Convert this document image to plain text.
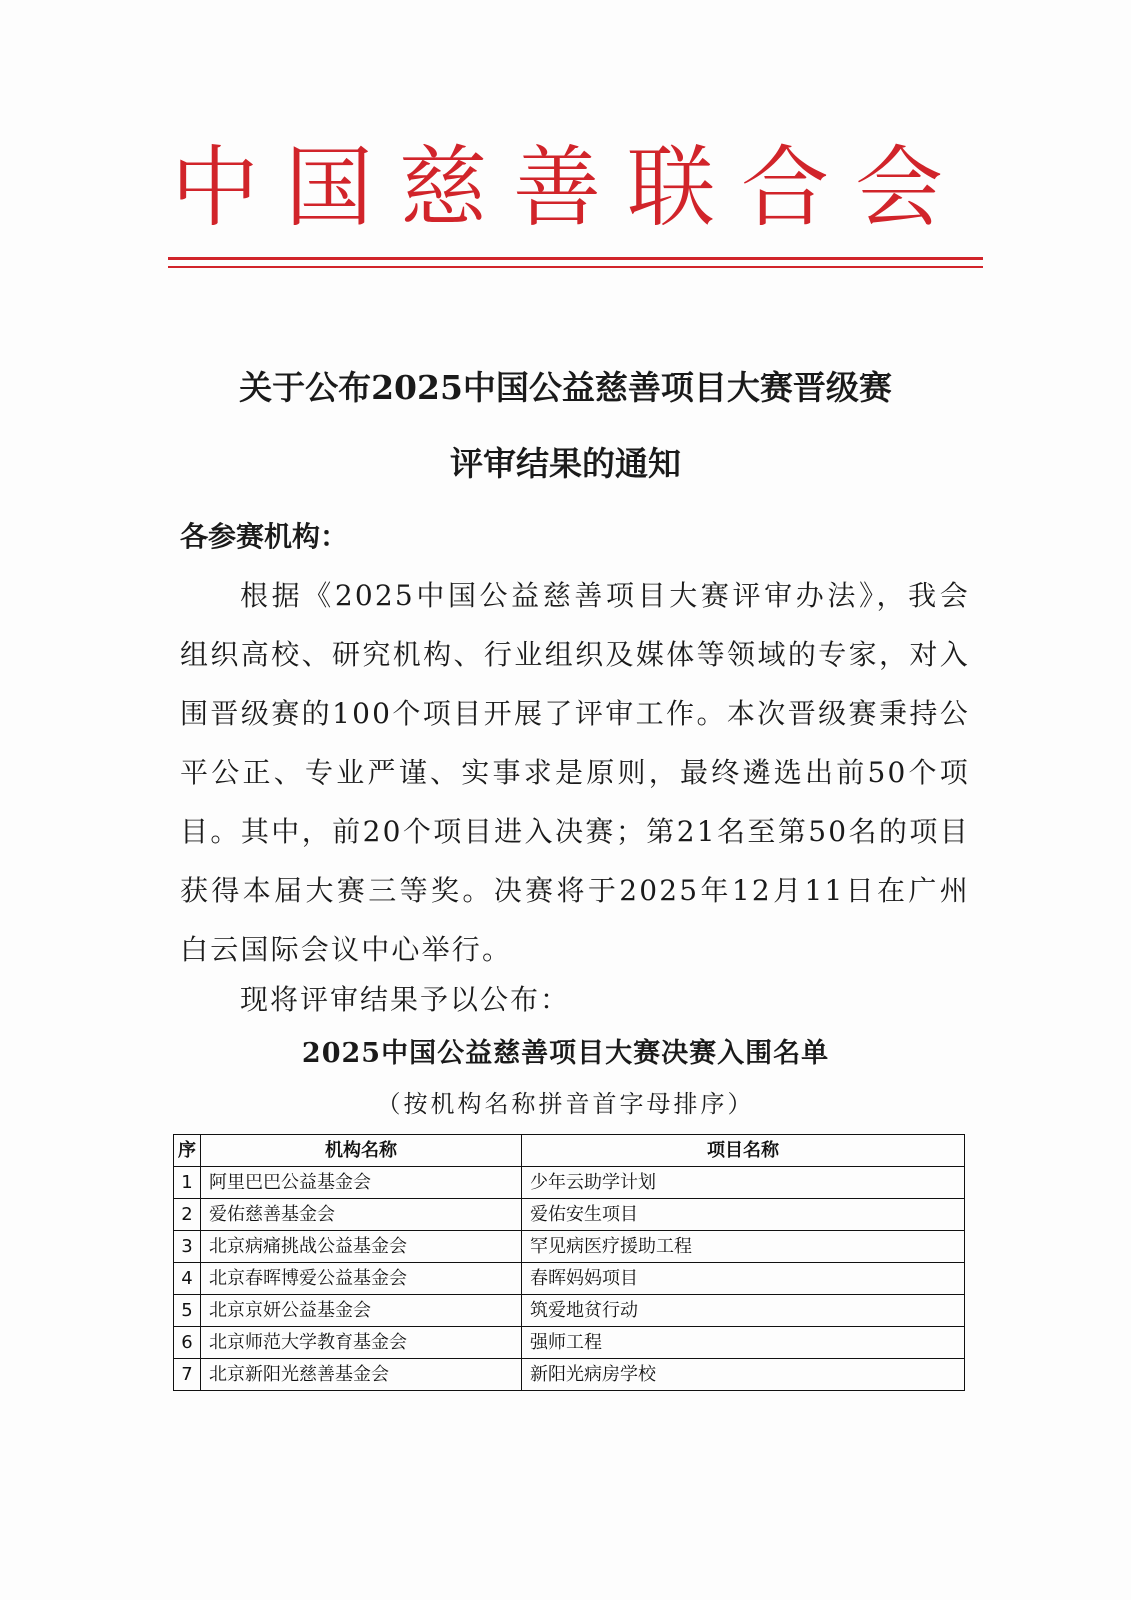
中国慈善联合会
关于公布2025中国公益慈善项目大赛晋级赛
评审结果的通知
各参赛机构：
根据《2025中国公益慈善项目大赛评审办法》，我会组织高校、研究机构、行业组织及媒体等领域的专家，对入围晋级赛的100个项目开展了评审工作。本次晋级赛秉持公平公正、专业严谨、实事求是原则，最终遴选出前50个项目。其中，前20个项目进入决赛；第21名至第50名的项目获得本届大赛三等奖。决赛将于2025年12月11日在广州白云国际会议中心举行。
现将评审结果予以公布：
2025中国公益慈善项目大赛决赛入围名单
（按机构名称拼音首字母排序）
序	机构名称	项目名称
1	阿里巴巴公益基金会	少年云助学计划
2	爱佑慈善基金会	爱佑安生项目
3	北京病痛挑战公益基金会	罕见病医疗援助工程
4	北京春晖博爱公益基金会	春晖妈妈项目
5	北京京妍公益基金会	筑爱地贫行动
6	北京师范大学教育基金会	强师工程
7	北京新阳光慈善基金会	新阳光病房学校
